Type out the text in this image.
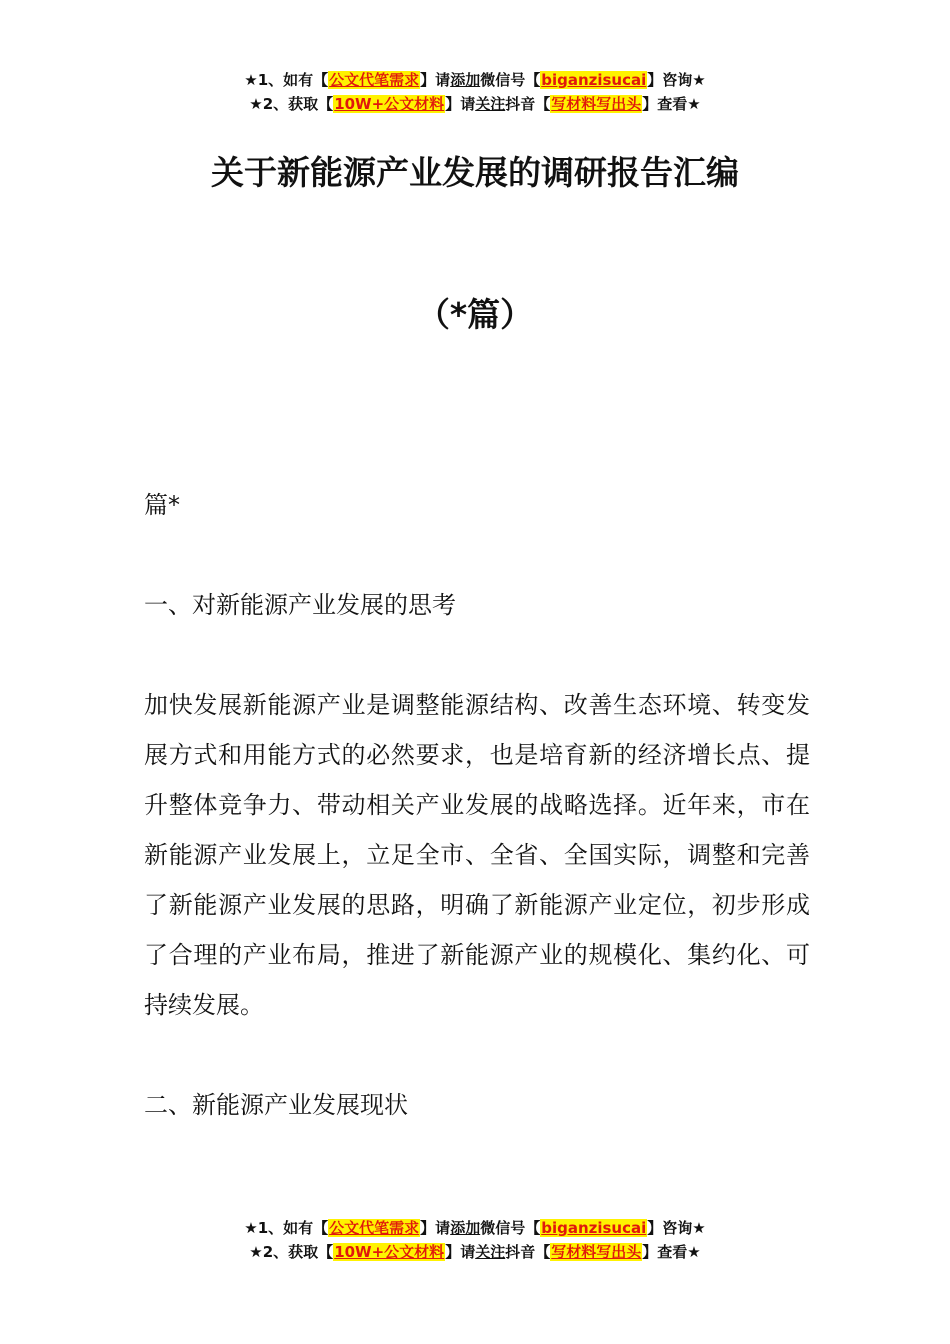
★1、如有【公文代笔需求】请添加微信号【biganzisucai】咨询★
★2、获取【10W+公文材料】请关注抖音【写材料写出头】查看★
关于新能源产业发展的调研报告汇编
（*篇）
篇*
一、对新能源产业发展的思考
加快发展新能源产业是调整能源结构、改善生态环境、转变发展方式和用能方式的必然要求，也是培育新的经济增长点、提升整体竞争力、带动相关产业发展的战略选择。近年来，市在新能源产业发展上，立足全市、全省、全国实际，调整和完善了新能源产业发展的思路，明确了新能源产业定位，初步形成了合理的产业布局，推进了新能源产业的规模化、集约化、可持续发展。
二、新能源产业发展现状
★1、如有【公文代笔需求】请添加微信号【biganzisucai】咨询★
★2、获取【10W+公文材料】请关注抖音【写材料写出头】查看★
